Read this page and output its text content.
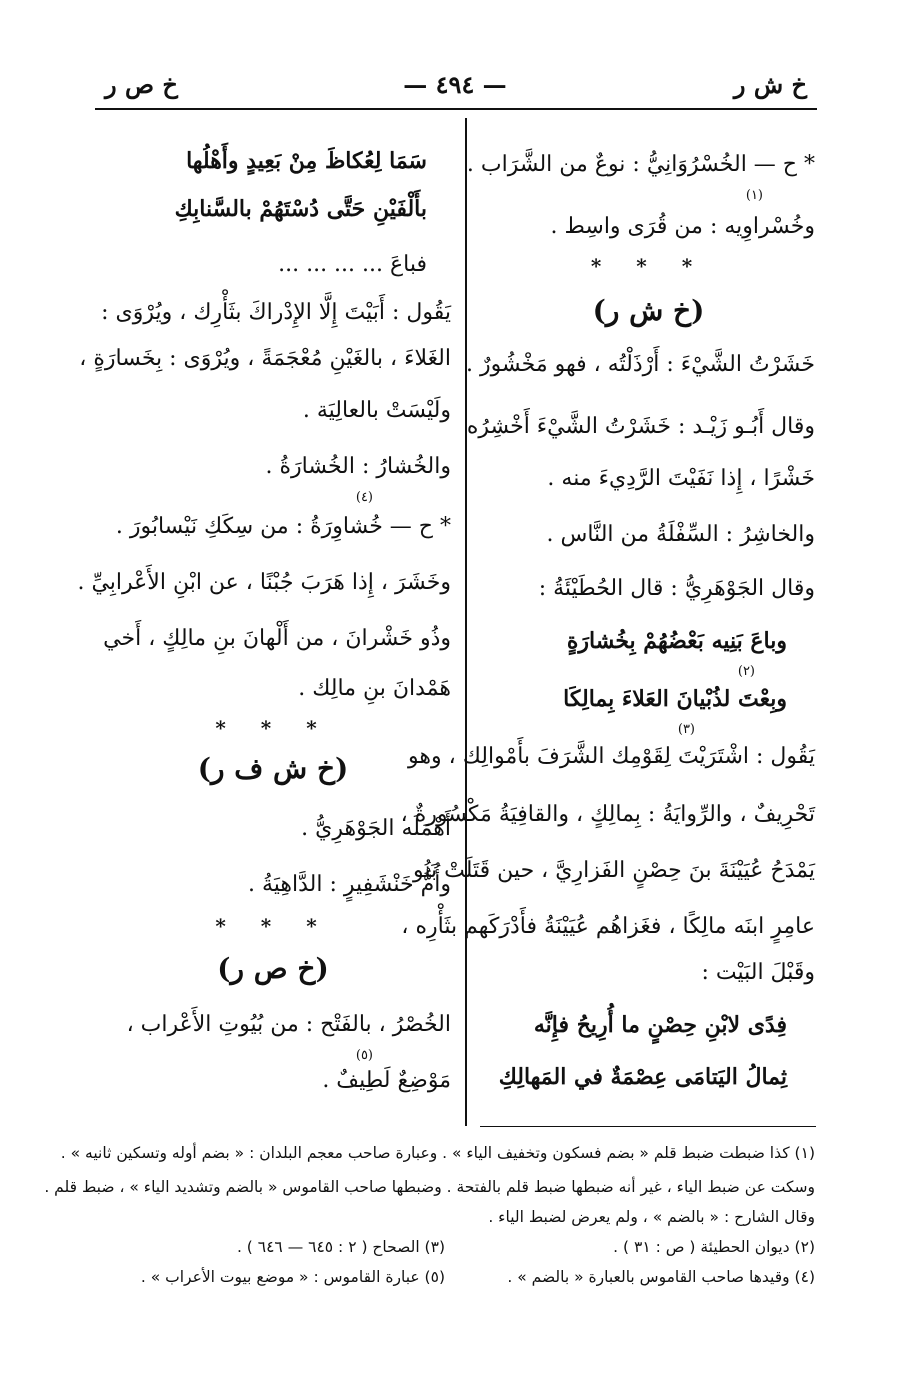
خ ش ر
— ٤٩٤ —
خ ص ر
* ح — الخُسْرُوَانِيُّ : نوعٌ من الشَّرَاب .
(١)
وخُسْراوِيه : من قُرَى واسِط .
* * *
(خ ش ر)
خَشَرْتُ الشَّيْءَ : أَرْذَلْتُه ، فهو مَخْشُورٌ .
وقال أَبُـو زَيْـد : خَشَرْتُ الشَّيْءَ أَخْشِرُه
خَشْرًا ، إِذا نَفَيْتَ الرَّدِيءَ منه .
والخاشِرُ : السِّفْلَةُ من النَّاس .
وقال الجَوْهَرِيُّ : قال الحُطَيْئَةُ :
وباعَ بَنِيه بَعْضُهُمْ بِخُشارَةٍ
(٢)
وبِعْتَ لذُبْيانَ العَلاءَ بِمالِكَا
(٣)
يَقُول : اشْتَرَيْتَ لِقَوْمِك الشَّرَفَ بأَمْوالِك ، وهو
تَحْرِيفٌ ، والرِّوايَةُ : بِمالِكٍ ، والقافِيَةُ مَكْسُورةٌ ،
يَمْدَحُ عُيَيْنَةَ بنَ حِصْنٍ الفَزارِيَّ ، حين قَتَلَتْ بَنُو
عامِرٍ ابنَه مالِكًا ، فغَزاهُم عُيَيْنَةُ فأَدْرَكَهم بثَأْرِه ،
وقَبْلَ البَيْت :
فِدًى لابْنِ حِصْنٍ ما أُرِيحُ فإِنَّه
ثِمالُ اليَتامَى عِصْمَةٌ في المَهالِكِ
سَمَا لِعُكاظَ مِنْ بَعِيدٍ وأَهْلُها
بأَلْفَيْنِ حَتَّى دُسْتَهُمْ بالسَّنابِكِ
فباعَ ... ... ... ...
يَقُول : أَبَيْتَ إِلَّا الإِدْراكَ بثَأْرِك ، ويُرْوَى :
الغَلاءَ ، بالغَيْنِ مُعْجَمَةً ، ويُرْوَى : بِخَسارَةٍ ،
ولَيْسَتْ بالعالِيَة .
والخُشارُ : الخُشارَةُ .
(٤)
* ح — خُشاوِرَةُ : من سِكَكِ نَيْسابُورَ .
وخَشَرَ ، إِذا هَرَبَ جُبْنًا ، عن ابْنِ الأَعْرابِيِّ .
وذُو خَشْرانَ ، من أَلْهانَ بنِ مالِكٍ ، أَخي
هَمْدانَ بنِ مالِك .
* * *
(خ ش ف ر)
أَهْمَلَه الجَوْهَرِيُّ .
وأُمُّ خَنْشَفِيرٍ : الدَّاهِيَةُ .
* * *
(خ ص ر)
الخُصْرُ ، بالفَتْح : من بُيُوتِ الأَعْراب ،
(٥)
مَوْضِعٌ لَطِيفٌ .
(١) كذا ضبطت ضبط قلم « بضم فسكون وتخفيف الياء » . وعبارة صاحب معجم البلدان : « بضم أوله وتسكين ثانيه » .
وسكت عن ضبط الياء ، غير أنه ضبطها ضبط قلم بالفتحة . وضبطها صاحب القاموس « بالضم وتشديد الياء » ، ضبط قلم .
وقال الشارح : « بالضم » ، ولم يعرض لضبط الياء .
(٢) ديوان الحطيئة ( ص : ٣١ ) .
(٣) الصحاح ( ٢ : ٦٤٥ — ٦٤٦ ) .
(٤) وقيدها صاحب القاموس بالعبارة « بالضم » .
(٥) عبارة القاموس : « موضع بيوت الأعراب » .
